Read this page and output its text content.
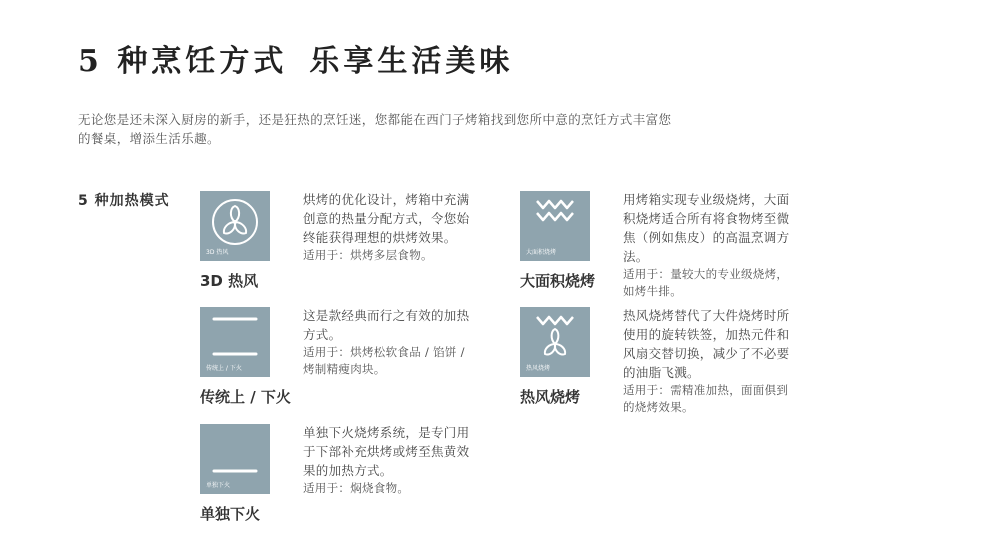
5 种烹饪方式 乐享生活美味
无论您是还未深入厨房的新手，还是狂热的烹饪迷，您都能在西门子烤箱找到您所中意的烹饪方式丰富您的餐桌，增添生活乐趣。
5 种加热模式
3D 热风
3D 热风
烘烤的优化设计，烤箱中充满创意的热量分配方式，令您始终能获得理想的烘烤效果。
适用于：烘烤多层食物。
传统上 / 下火
传统上 / 下火
这是款经典而行之有效的加热方式。
适用于：烘烤松软食品 / 馅饼 / 烤制精瘦肉块。
单独下火
单独下火
单独下火烧烤系统，是专门用于下部补充烘烤或烤至焦黄效果的加热方式。
适用于：焖烧食物。
大面积烧烤
大面积烧烤
用烤箱实现专业级烧烤，大面积烧烤适合所有将食物烤至微焦（例如焦皮）的高温烹调方法。
适用于：量较大的专业级烧烤，如烤牛排。
热风烧烤
热风烧烤
热风烧烤替代了大件烧烤时所使用的旋转铁签，加热元件和风扇交替切换，减少了不必要的油脂飞溅。
适用于：需精准加热，面面俱到的烧烤效果。
